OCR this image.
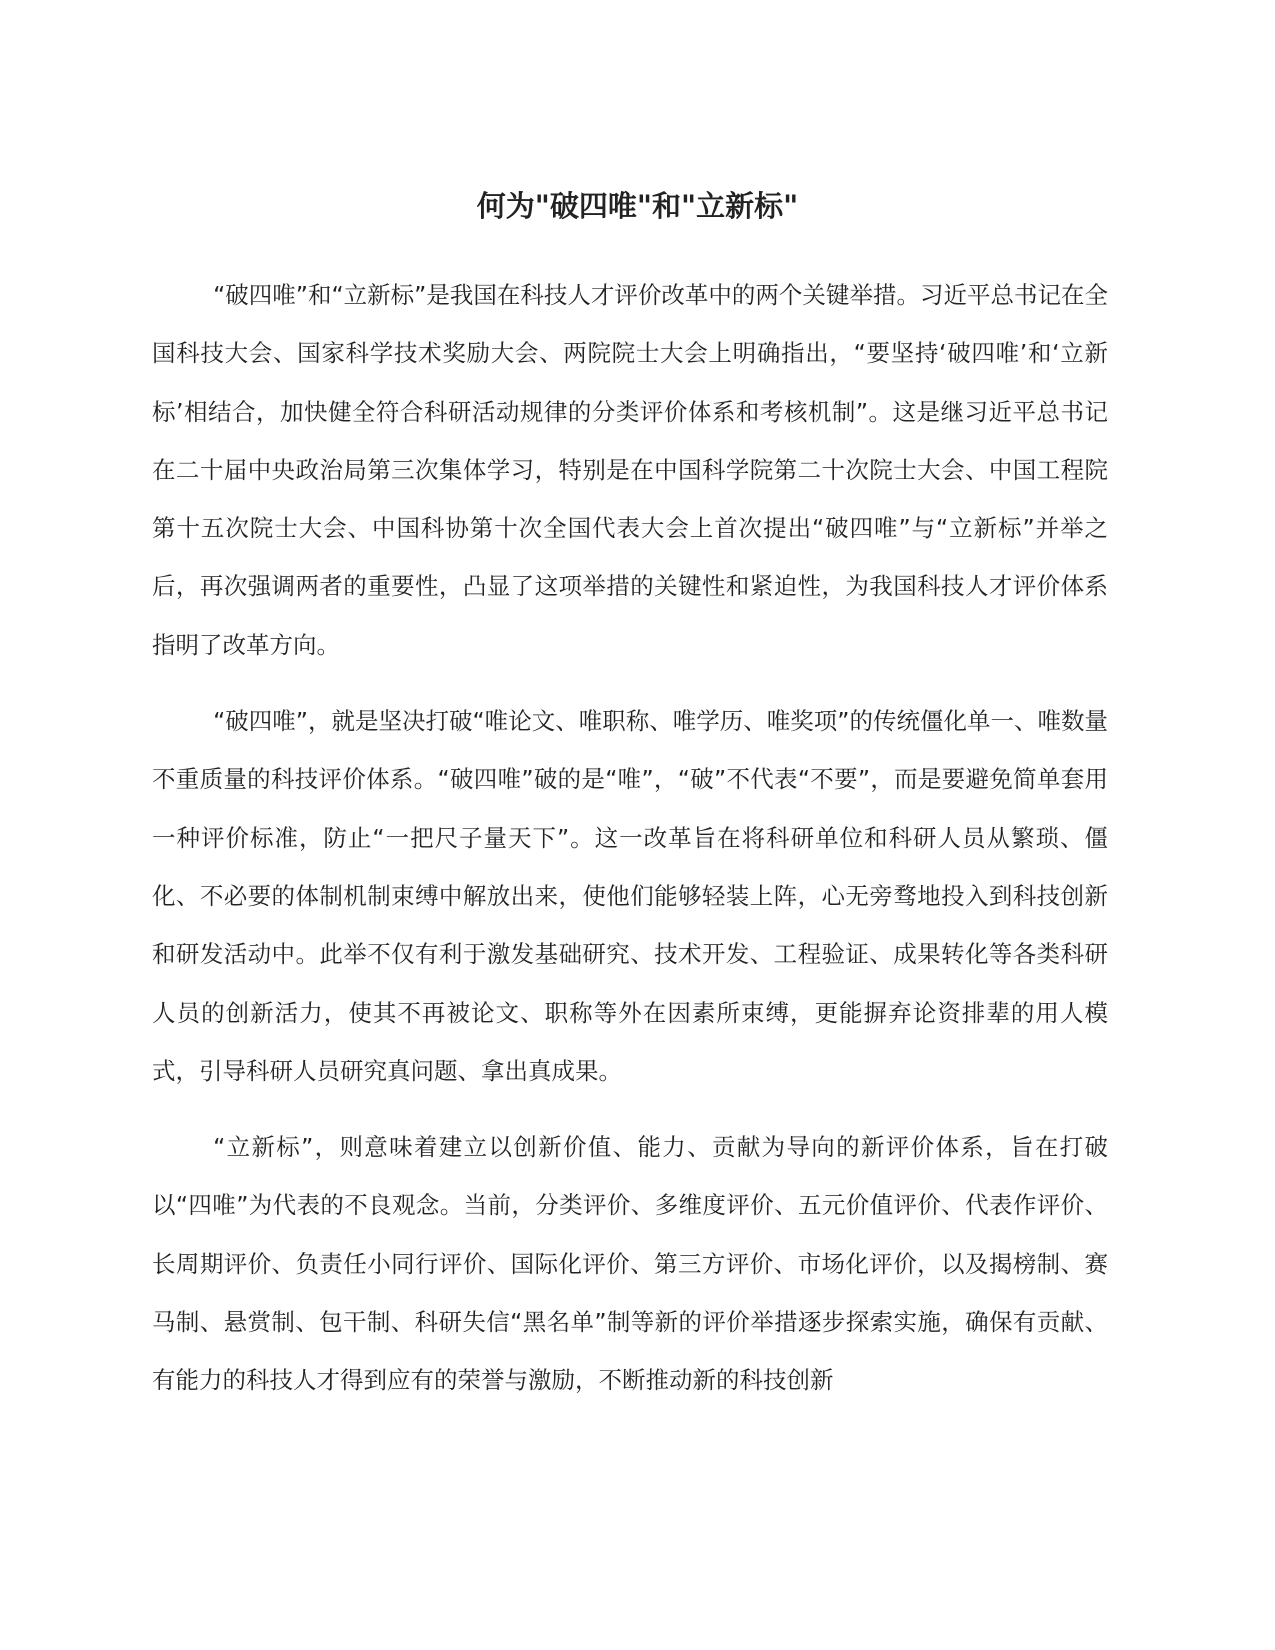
何为"破四唯"和"立新标"

“破四唯”和“立新标”是我国在科技人才评价改革中的两个关键举措。习近平总书记在全国科技大会、国家科学技术奖励大会、两院院士大会上明确指出，“要坚持‘破四唯’和‘立新标’相结合，加快健全符合科研活动规律的分类评价体系和考核机制”。这是继习近平总书记在二十届中央政治局第三次集体学习，特别是在中国科学院第二十次院士大会、中国工程院第十五次院士大会、中国科协第十次全国代表大会上首次提出“破四唯”与“立新标”并举之后，再次强调两者的重要性，凸显了这项举措的关键性和紧迫性，为我国科技人才评价体系指明了改革方向。

“破四唯”，就是坚决打破“唯论文、唯职称、唯学历、唯奖项”的传统僵化单一、唯数量不重质量的科技评价体系。“破四唯”破的是“唯”，“破”不代表“不要”，而是要避免简单套用一种评价标准，防止“一把尺子量天下”。这一改革旨在将科研单位和科研人员从繁琐、僵化、不必要的体制机制束缚中解放出来，使他们能够轻装上阵，心无旁骛地投入到科技创新和研发活动中。此举不仅有利于激发基础研究、技术开发、工程验证、成果转化等各类科研人员的创新活力，使其不再被论文、职称等外在因素所束缚，更能摒弃论资排辈的用人模式，引导科研人员研究真问题、拿出真成果。

“立新标”，则意味着建立以创新价值、能力、贡献为导向的新评价体系，旨在打破以“四唯”为代表的不良观念。当前，分类评价、多维度评价、五元价值评价、代表作评价、长周期评价、负责任小同行评价、国际化评价、第三方评价、市场化评价，以及揭榜制、赛马制、悬赏制、包干制、科研失信“黑名单”制等新的评价举措逐步探索实施，确保有贡献、有能力的科技人才得到应有的荣誉与激励，不断推动新的科技创新
